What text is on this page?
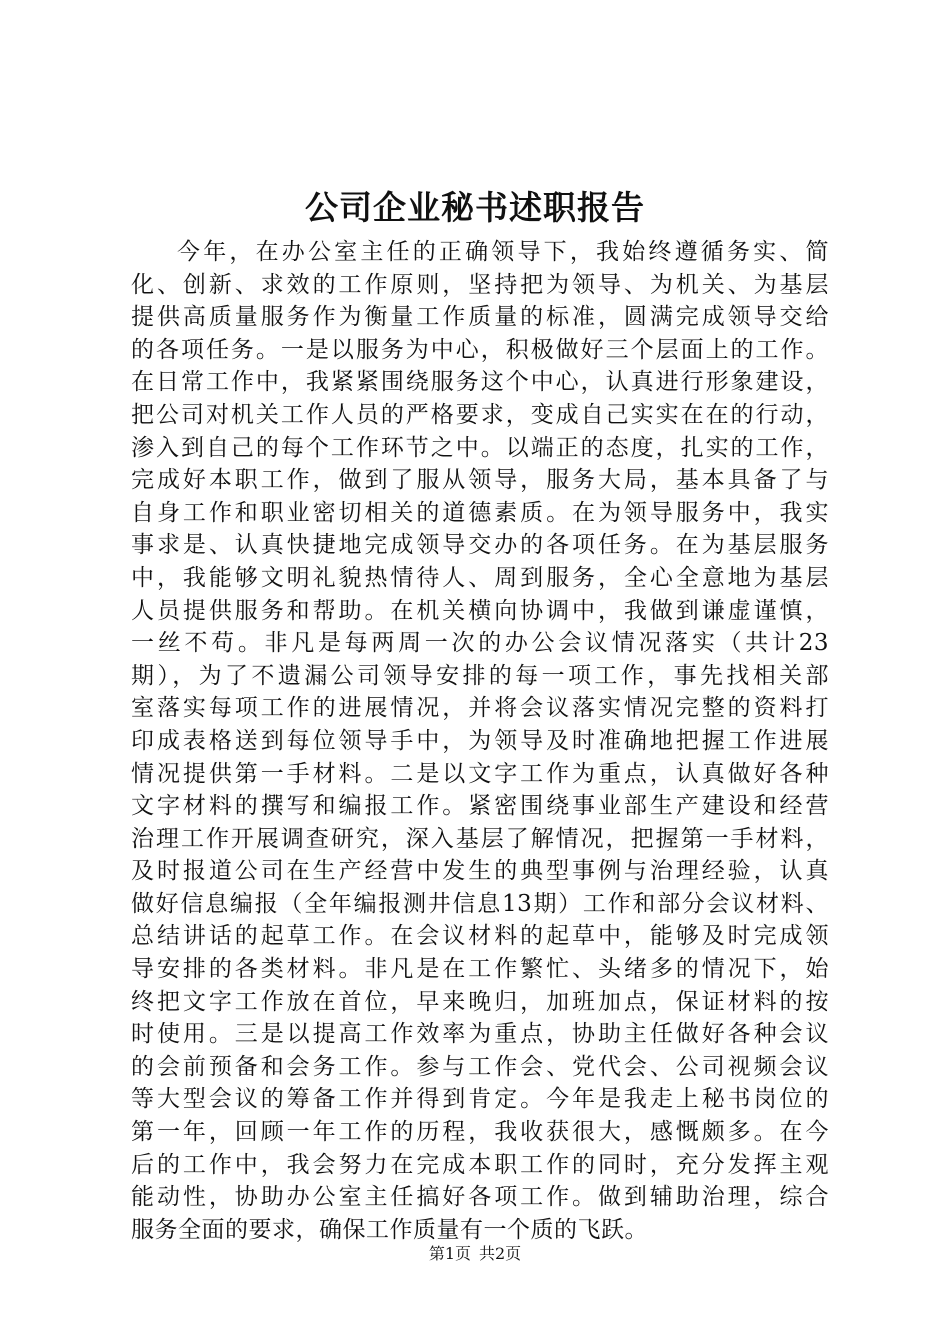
公司企业秘书述职报告
今年，在办公室主任的正确领导下，我始终遵循务实、简
化、创新、求效的工作原则，坚持把为领导、为机关、为基层
提供高质量服务作为衡量工作质量的标准，圆满完成领导交给
的各项任务。一是以服务为中心，积极做好三个层面上的工作。
在日常工作中，我紧紧围绕服务这个中心，认真进行形象建设，
把公司对机关工作人员的严格要求，变成自己实实在在的行动，
渗入到自己的每个工作环节之中。以端正的态度，扎实的工作，
完成好本职工作，做到了服从领导，服务大局，基本具备了与
自身工作和职业密切相关的道德素质。在为领导服务中，我实
事求是、认真快捷地完成领导交办的各项任务。在为基层服务
中，我能够文明礼貌热情待人、周到服务，全心全意地为基层
人员提供服务和帮助。在机关横向协调中，我做到谦虚谨慎，
一丝不苟。非凡是每两周一次的办公会议情况落实（共计23
期），为了不遗漏公司领导安排的每一项工作，事先找相关部
室落实每项工作的进展情况，并将会议落实情况完整的资料打
印成表格送到每位领导手中，为领导及时准确地把握工作进展
情况提供第一手材料。二是以文字工作为重点，认真做好各种
文字材料的撰写和编报工作。紧密围绕事业部生产建设和经营
治理工作开展调查研究，深入基层了解情况，把握第一手材料，
及时报道公司在生产经营中发生的典型事例与治理经验，认真
做好信息编报（全年编报测井信息13期）工作和部分会议材料、
总结讲话的起草工作。在会议材料的起草中，能够及时完成领
导安排的各类材料。非凡是在工作繁忙、头绪多的情况下，始
终把文字工作放在首位，早来晚归，加班加点，保证材料的按
时使用。三是以提高工作效率为重点，协助主任做好各种会议
的会前预备和会务工作。参与工作会、党代会、公司视频会议
等大型会议的筹备工作并得到肯定。今年是我走上秘书岗位的
第一年，回顾一年工作的历程，我收获很大，感慨颇多。在今
后的工作中，我会努力在完成本职工作的同时，充分发挥主观
能动性，协助办公室主任搞好各项工作。做到辅助治理，综合
服务全面的要求，确保工作质量有一个质的飞跃。
第1页 共2页
